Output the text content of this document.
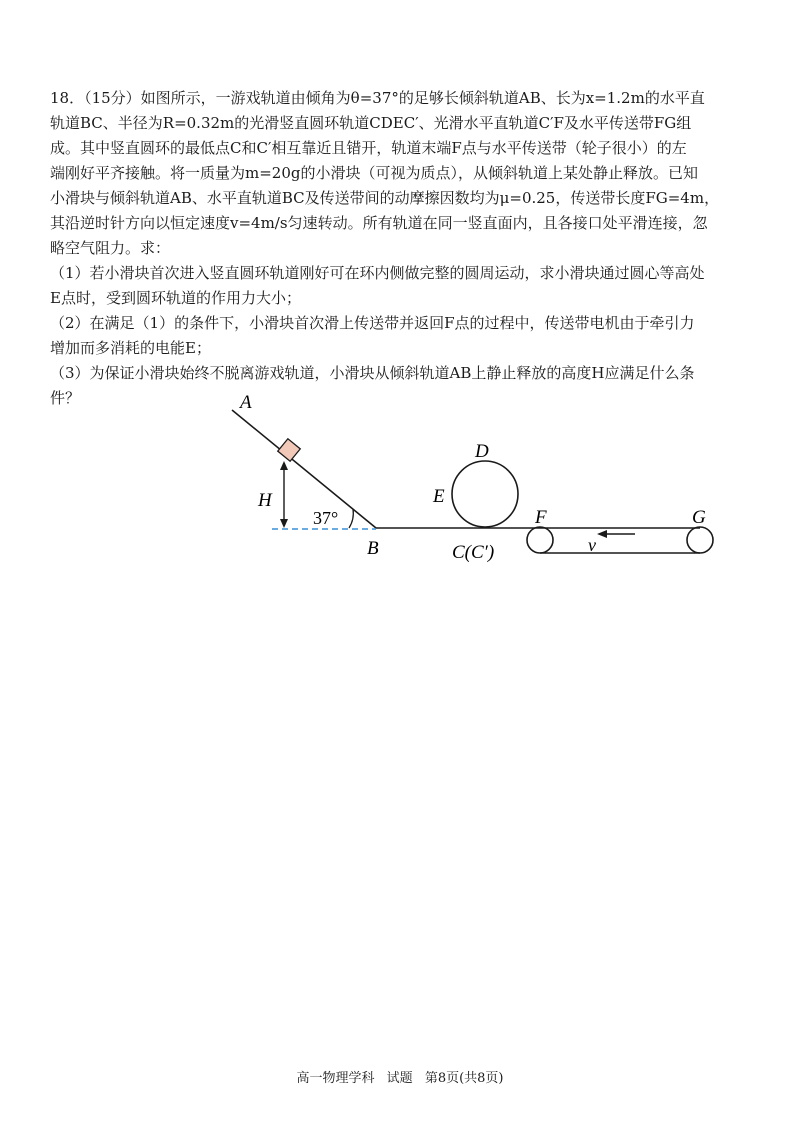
18．（15分）如图所示，一游戏轨道由倾角为θ=37°的足够长倾斜轨道AB、长为x=1.2m的水平直

轨道BC、半径为R=0.32m的光滑竖直圆环轨道CDEC′、光滑水平直轨道C′F及水平传送带FG组

成。其中竖直圆环的最低点C和C′相互靠近且错开，轨道末端F点与水平传送带（轮子很小）的左

端刚好平齐接触。将一质量为m=20g的小滑块（可视为质点），从倾斜轨道上某处静止释放。已知

小滑块与倾斜轨道AB、水平直轨道BC及传送带间的动摩擦因数均为μ=0.25，传送带长度FG=4m，

其沿逆时针方向以恒定速度v=4m/s匀速转动。所有轨道在同一竖直面内，且各接口处平滑连接，忽

略空气阻力。求：

（1）若小滑块首次进入竖直圆环轨道刚好可在环内侧做完整的圆周运动，求小滑块通过圆心等高处

E点时，受到圆环轨道的作用力大小；

（2）在满足（1）的条件下，小滑块首次滑上传送带并返回F点的过程中，传送带电机由于牵引力

增加而多消耗的电能E；

（3）为保证小滑块始终不脱离游戏轨道，小滑块从倾斜轨道AB上静止释放的高度H应满足什么条

件？	A
H
37°
B
D
E
C(C′)
F
v
G
高一物理学科 试题 第8页(共8页)
